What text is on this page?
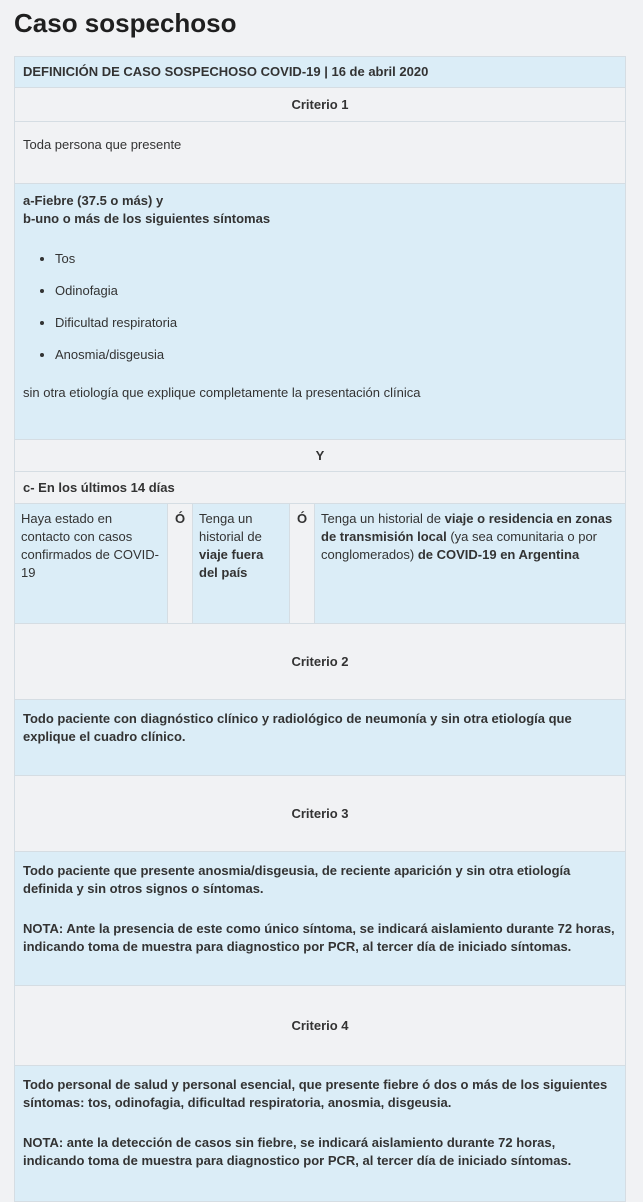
Caso sospechoso
DEFINICIÓN DE CASO SOSPECHOSO COVID-19 | 16 de abril 2020
Criterio 1
Toda persona que presente
a-Fiebre (37.5 o más) y
b-uno o más de los siguientes síntomas
• Tos
• Odinofagia
• Dificultad respiratoria
• Anosmia/disgeusia
sin otra etiología que explique completamente la presentación clínica
Y
c- En los últimos 14 días
Haya estado en contacto con casos confirmados de COVID-19
Ó	Tenga un historial de viaje fuera del país
Ó	Tenga un historial de viaje o residencia en zonas de transmisión local (ya sea comunitaria o por conglomerados) de COVID-19 en Argentina
Criterio 2
Todo paciente con diagnóstico clínico y radiológico de neumonía y sin otra etiología que explique el cuadro clínico.
Criterio 3
Todo paciente que presente anosmia/disgeusia, de reciente aparición y sin otra etiología definida y sin otros signos o síntomas.
NOTA: Ante la presencia de este como único síntoma, se indicará aislamiento durante 72 horas, indicando toma de muestra para diagnostico por PCR, al tercer día de iniciado síntomas.
Criterio 4
Todo personal de salud y personal esencial, que presente fiebre ó dos o más de los siguientes síntomas: tos, odinofagia, dificultad respiratoria, anosmia, disgeusia.
NOTA: ante la detección de casos sin fiebre, se indicará aislamiento durante 72 horas, indicando toma de muestra para diagnostico por PCR, al tercer día de iniciado síntomas.
